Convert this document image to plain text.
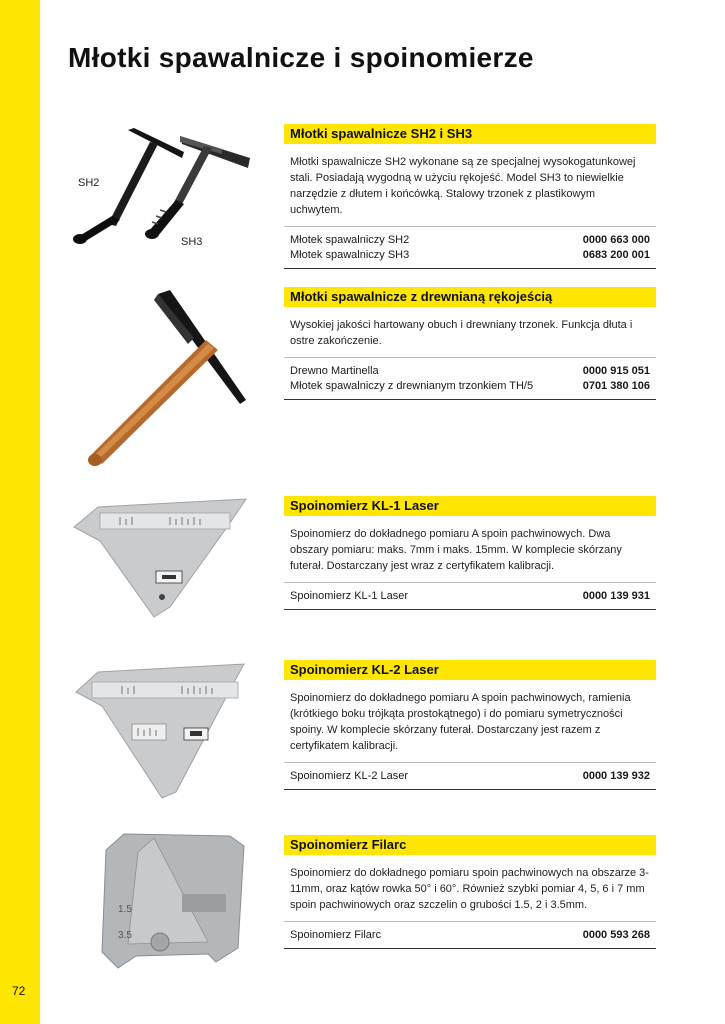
72
Młotki spawalnicze i spoinomierze
SH2
SH3
1.5
3.5
Młotki spawalnicze SH2 i SH3

Młotki spawalnicze SH2 wykonane są ze specjalnej wysokogatunkowej stali. Posiadają wygodną w użyciu rękojeść. Model SH3 to niewielkie narzędzie z dłutem i końcówką. Stalowy trzonek z plastikowym uchwytem.

Młotek spawalniczy SH2	0000 663 000
Młotek spawalniczy SH3	0683 200 001
Młotki spawalnicze z drewnianą rękojeścią

Wysokiej jakości hartowany obuch i drewniany trzonek. Funkcja dłuta i ostre zakończenie.

Drewno Martinella	0000 915 051
Młotek spawalniczy z drewnianym trzonkiem TH/5	0701 380 106
Spoinomierz KL-1 Laser

Spoinomierz do dokładnego pomiaru A spoin pachwinowych. Dwa obszary pomiaru: maks. 7mm i maks. 15mm. W komplecie skórzany futerał. Dostarczany jest wraz z certyfikatem kalibracji.

Spoinomierz KL-1 Laser	0000 139 931
Spoinomierz KL-2 Laser

Spoinomierz do dokładnego pomiaru A spoin pachwinowych, ramienia (krótkiego boku trójkąta prostokątnego) i do pomiaru symetryczności spoiny. W komplecie skórzany futerał. Dostarczany jest razem z certyfikatem kalibracji.

Spoinomierz KL-2 Laser	0000 139 932
Spoinomierz Filarc

Spoinomierz do dokładnego pomiaru spoin pachwinowych na obszarze 3-11mm, oraz kątów rowka 50° i 60°. Również szybki pomiar 4, 5, 6 i 7 mm spoin pachwinowych oraz szczelin o grubości 1.5, 2 i 3.5mm.

Spoinomierz Filarc	0000 593 268
